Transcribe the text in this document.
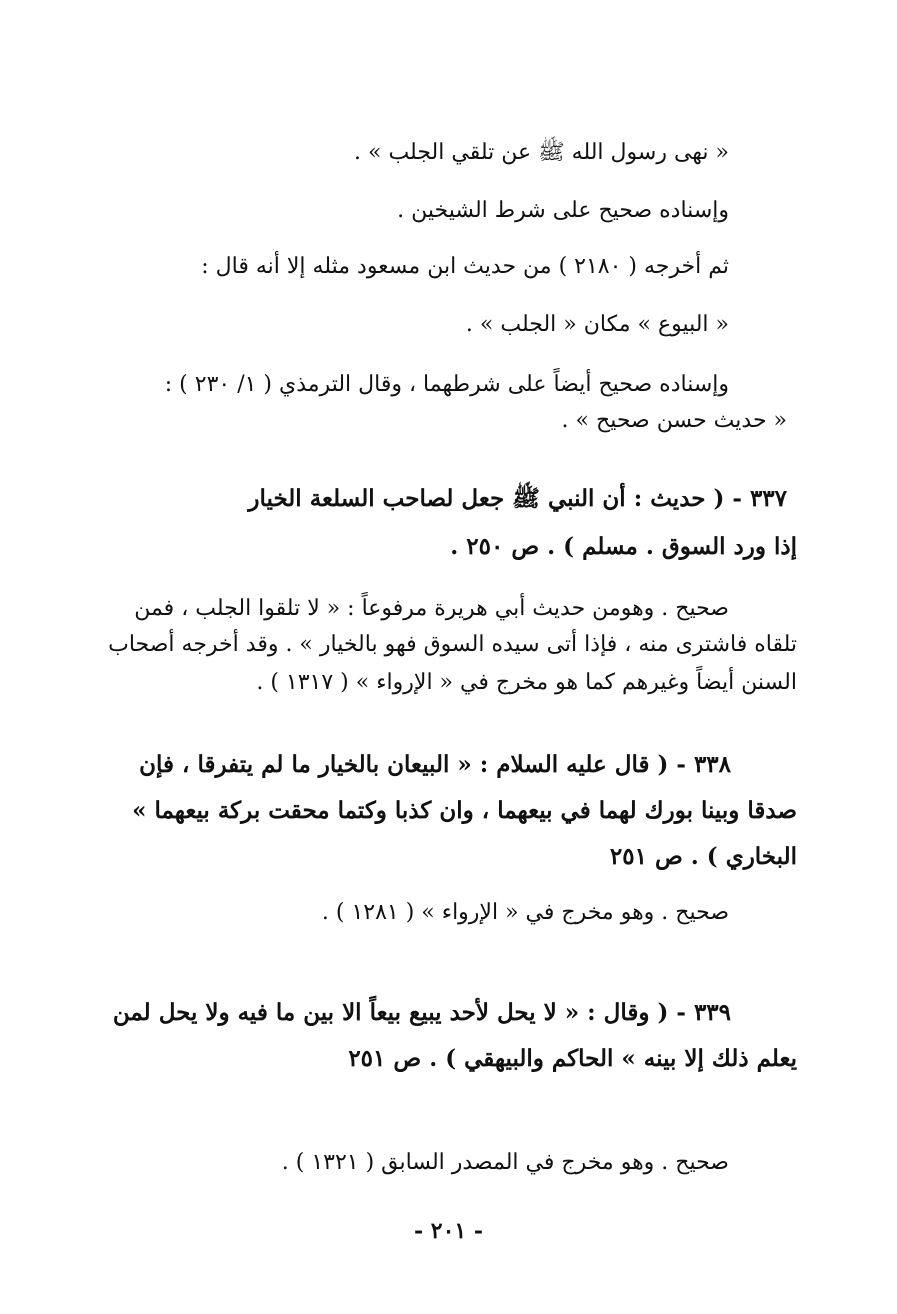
« نهى رسول الله ﷺ عن تلقي الجلب » .
وإسناده صحيح على شرط الشيخين .
ثم أخرجه ( ٢١٨٠ ) من حديث ابن مسعود مثله إلا أنه قال :
« البيوع » مكان « الجلب » .
وإسناده صحيح أيضاً على شرطهما ، وقال الترمذي ( ١/ ٢٣٠ ) :
« حديث حسن صحيح » .
٣٣٧ - ( حديث : أن النبي ﷺ جعل لصاحب السلعة الخيار
إذا ورد السوق . مسلم ) . ص ٢٥٠ .
صحيح . وهومن حديث أبي هريرة مرفوعاً : « لا تلقوا الجلب ، فمن
تلقاه فاشترى منه ، فإذا أتى سيده السوق فهو بالخيار » . وقد أخرجه أصحاب
السنن أيضاً وغيرهم كما هو مخرج في « الإرواء » ( ١٣١٧ ) .
٣٣٨ - ( قال عليه السلام : « البيعان بالخيار ما لم يتفرقا ، فإن
صدقا وبينا بورك لهما في بيعهما ، وان كذبا وكتما محقت بركة بيعهما »
البخاري ) . ص ٢٥١
صحيح . وهو مخرج في « الإرواء » ( ١٢٨١ ) .
٣٣٩ - ( وقال : « لا يحل لأحد يبيع بيعاً الا بين ما فيه ولا يحل لمن
يعلم ذلك إلا بينه » الحاكم والبيهقي ) . ص ٢٥١
صحيح . وهو مخرج في المصدر السابق ( ١٣٢١ ) .
- ٢٠١ -
